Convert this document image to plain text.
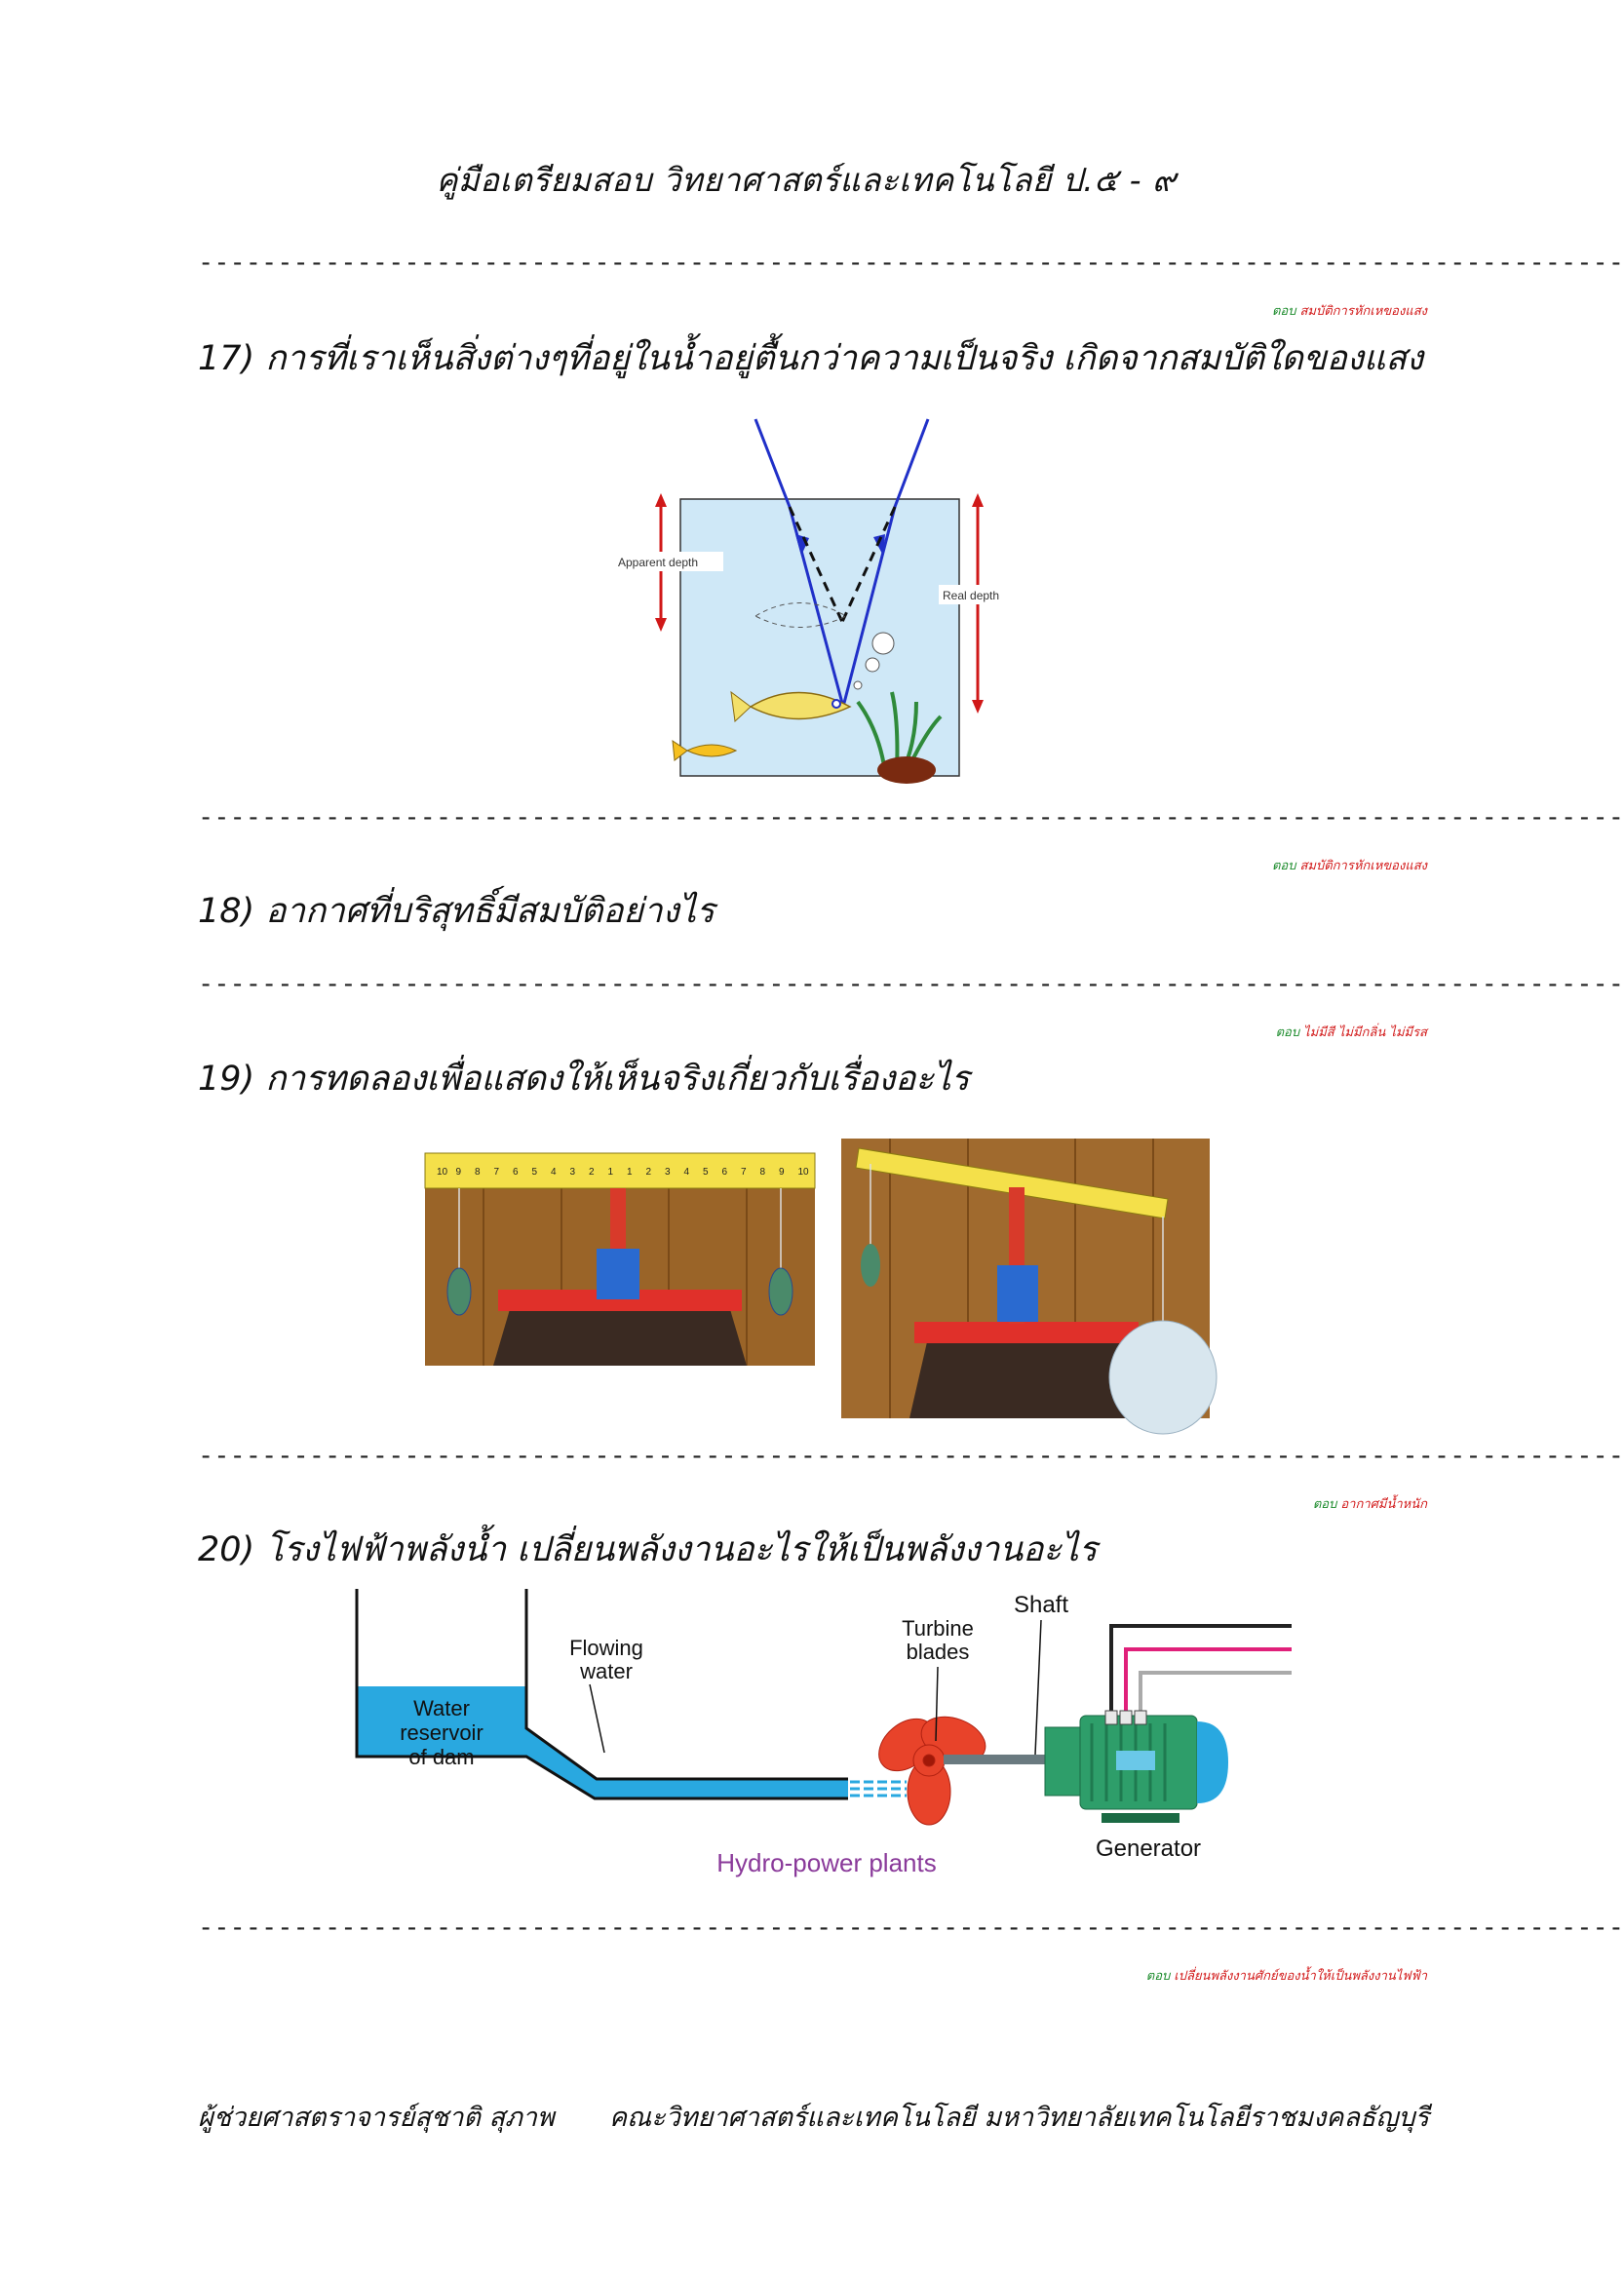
คู่มือเตรียมสอบ วิทยาศาสตร์และเทคโนโลยี ป.๕ - ๙
------------------------------------------------------------------------------------------
ตอบ สมบัติการหักเหของแสง
17) การที่เราเห็นสิ่งต่างๆที่อยู่ในน้ำอยู่ตื้นกว่าความเป็นจริง เกิดจากสมบัติใดของแสง
Apparent depth
Real depth
------------------------------------------------------------------------------------------
ตอบ สมบัติการหักเหของแสง
18) อากาศที่บริสุทธิ์มีสมบัติอย่างไร
------------------------------------------------------------------------------------------
ตอบ ไม่มีสี ไม่มีกลิ่น ไม่มีรส
19) การทดลองเพื่อแสดงให้เห็นจริงเกี่ยวกับเรื่องอะไร
10 9 8 7 6 5 4 3 2 1 1 2 3 4 5 6 7 8 9 10
------------------------------------------------------------------------------------------
ตอบ อากาศมีน้ำหนัก
20) โรงไฟฟ้าพลังน้ำ เปลี่ยนพลังงานอะไรให้เป็นพลังงานอะไร
Water
reservoir
of dam
Flowing
water
Turbine
blades
Shaft
Generator
Hydro-power plants
------------------------------------------------------------------------------------------
ตอบ เปลี่ยนพลังงานศักย์ของน้ำให้เป็นพลังงานไฟฟ้า
ผู้ช่วยศาสตราจารย์สุชาติ สุภาพ คณะวิทยาศาสตร์และเทคโนโลยี มหาวิทยาลัยเทคโนโลยีราชมงคลธัญบุรี
